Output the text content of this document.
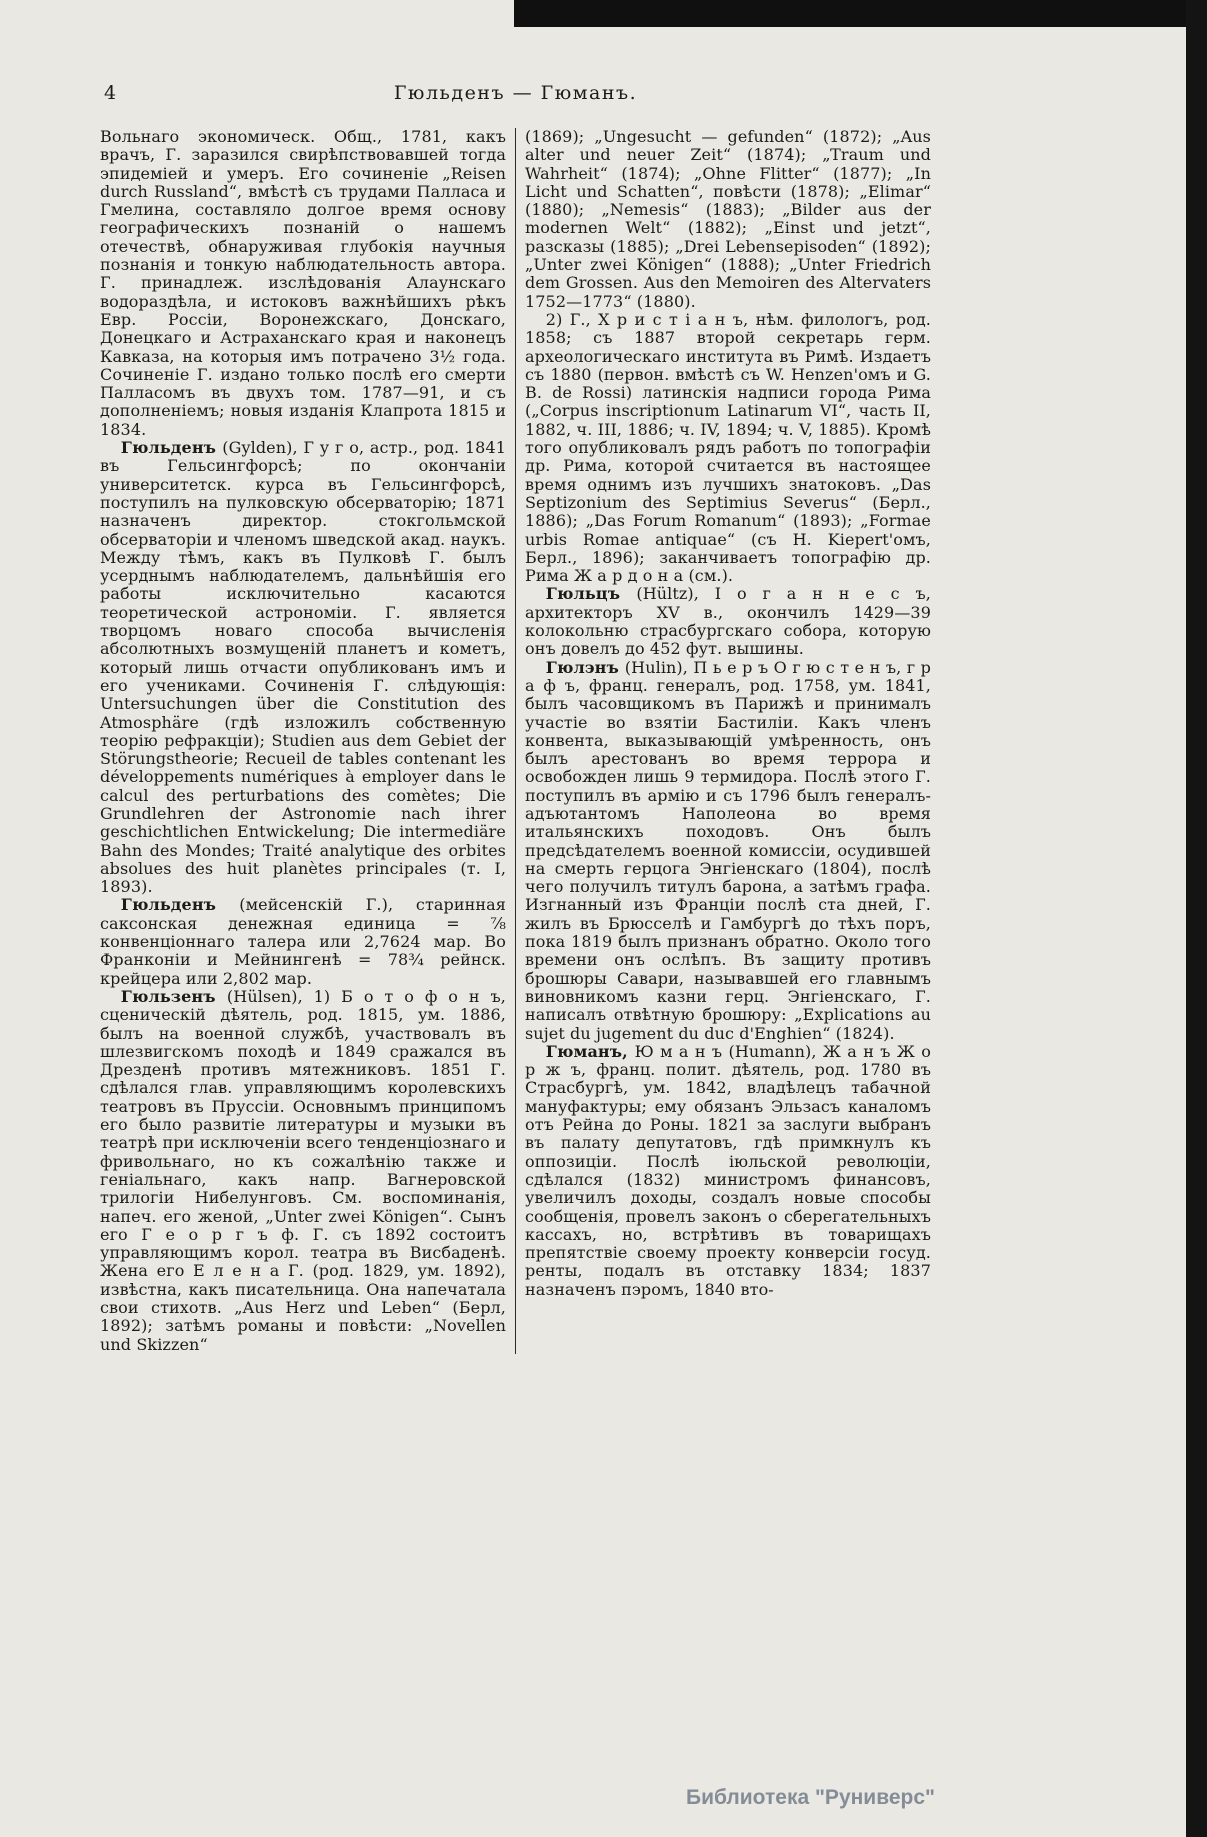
4	Гюльденъ — Гюманъ.

Вольнаго экономическ. Общ., 1781, какъ врачъ, Г. заразился свирѣпствовавшей тогда эпидеміей и умеръ. Его сочиненіе „Reisen durch Russland“, вмѣстѣ съ трудами Палласа и Гмелина, составляло долгое время основу географическихъ познаній о нашемъ отечествѣ, обнаруживая глубокія научныя познанія и тонкую наблюдательность автора. Г. принадлеж. изслѣдованія Алаунскаго водораздѣла, и истоковъ важнѣйшихъ рѣкъ Евр. Россіи, Воронежскаго, Донскаго, Донецкаго и Астраханскаго края и наконецъ Кавказа, на которыя имъ потрачено 3½ года. Сочиненіе Г. издано только послѣ его смерти Палласомъ въ двухъ том. 1787—91, и съ дополненіемъ; новыя изданія Клапрота 1815 и 1834.

Гюльденъ (Gylden), Г у г о, астр., род. 1841 въ Гельсингфорсѣ; по окончаніи университетск. курса въ Гельсингфорсѣ, поступилъ на пулковскую обсерваторію; 1871 назначенъ директор. стокгольмской обсерваторіи и членомъ шведской акад. наукъ. Между тѣмъ, какъ въ Пулковѣ Г. былъ усерднымъ наблюдателемъ, дальнѣйшія его работы исключительно касаются теоретической астрономіи. Г. является творцомъ новаго способа вычисленія абсолютныхъ возмущеній планетъ и кометъ, который лишь отчасти опубликованъ имъ и его учениками. Сочиненія Г. слѣдующія: Untersuchungen über die Constitution des Atmosphäre (гдѣ изложилъ собственную теорію рефракціи); Studien aus dem Gebiet der Störungstheorie; Recueil de tables contenant les développements numériques à employer dans le calcul des perturbations des comètes; Die Grundlehren der Astronomie nach ihrer geschichtlichen Entwickelung; Die intermediäre Bahn des Mondes; Traité analytique des orbites absolues des huit planètes principales (т. I, 1893).

Гюльденъ (мейсенскій Г.), старинная саксонская денежная единица = ⅞ конвенціоннаго талера или 2,7624 мар. Во Франконіи и Мейнингенѣ = 78¾ рейнск. крейцера или 2,802 мар.

Гюльзенъ (Hülsen), 1) Б о т о ф о н ъ, сценическій дѣятель, род. 1815, ум. 1886, былъ на военной службѣ, участвовалъ въ шлезвигскомъ походѣ и 1849 сражался въ Дрезденѣ противъ мятежниковъ. 1851 Г. сдѣлался глав. управляющимъ королевскихъ театровъ въ Пруссіи. Основнымъ принципомъ его было развитіе литературы и музыки въ театрѣ при исключеніи всего тенденціознаго и фривольнаго, но къ сожалѣнію также и геніальнаго, какъ напр. Вагнеровской трилогіи Нибелунговъ. См. воспоминанія, напеч. его женой, „Unter zwei Königen“. Сынъ его Г е о р г ъ ф. Г. съ 1892 состоитъ управляющимъ корол. театра въ Висбаденѣ. Жена его Е л е н а Г. (род. 1829, ум. 1892), извѣстна, какъ писательница. Она напечатала свои стихотв. „Aus Herz und Leben“ (Берл, 1892); затѣмъ романы и повѣсти: „Novellen und Skizzen“

(1869); „Ungesucht — gefunden“ (1872); „Aus alter und neuer Zeit“ (1874); „Traum und Wahrheit“ (1874); „Ohne Flitter“ (1877); „In Licht und Schatten“, повѣсти (1878); „Elimar“ (1880); „Nemesis“ (1883); „Bilder aus der modernen Welt“ (1882); „Einst und jetzt“, разсказы (1885); „Drei Lebensepisoden“ (1892); „Unter zwei Königen“ (1888); „Unter Friedrich dem Grossen. Aus den Memoiren des Altervaters 1752—1773“ (1880).

2) Г., Х р и с т і а н ъ, нѣм. филологъ, род. 1858; съ 1887 второй секретарь герм. археологическаго института въ Римѣ. Издаетъ съ 1880 (первон. вмѣстѣ съ W. Henzen'омъ и G. B. de Rossi) латинскія надписи города Рима („Corpus inscriptionum Latinarum VI“, часть II, 1882, ч. III, 1886; ч. IV, 1894; ч. V, 1885). Кромѣ того опубликовалъ рядъ работъ по топографіи др. Рима, которой считается въ настоящее время однимъ изъ лучшихъ знатоковъ. „Das Septizonium des Septimius Severus“ (Берл., 1886); „Das Forum Romanum“ (1893); „Formae urbis Romae antiquae“ (съ H. Kiepert'омъ, Берл., 1896); заканчиваетъ топографію др. Рима Ж а р д о н а (см.).

Гюльцъ (Hültz), І о г а н н е с ъ, архитекторъ XV в., окончилъ 1429—39 колокольню страсбургскаго собора, которую онъ довелъ до 452 фут. вышины.

Гюлэнъ (Hulin), П ь е р ъ О г ю с т е н ъ, г р а ф ъ, франц. генералъ, род. 1758, ум. 1841, былъ часовщикомъ въ Парижѣ и принималъ участіе во взятіи Бастиліи. Какъ членъ конвента, выказывающій умѣренность, онъ былъ арестованъ во время террора и освобожден лишь 9 термидора. Послѣ этого Г. поступилъ въ армію и съ 1796 былъ генералъ-адъютантомъ Наполеона во время итальянскихъ походовъ. Онъ былъ предсѣдателемъ военной комиссіи, осудившей на смерть герцога Энгіенскаго (1804), послѣ чего получилъ титулъ барона, а затѣмъ графа. Изгнанный изъ Франціи послѣ ста дней, Г. жилъ въ Брюсселѣ и Гамбургѣ до тѣхъ поръ, пока 1819 былъ признанъ обратно. Около того времени онъ ослѣпъ. Въ защиту противъ брошюры Савари, называвшей его главнымъ виновникомъ казни герц. Энгіенскаго, Г. написалъ отвѣтную брошюру: „Explications au sujet du jugement du duc d'Enghien“ (1824).

Гюманъ, Ю м а н ъ (Humann), Ж а н ъ Ж о р ж ъ, франц. полит. дѣятель, род. 1780 въ Страсбургѣ, ум. 1842, владѣлецъ табачной мануфактуры; ему обязанъ Эльзасъ каналомъ отъ Рейна до Роны. 1821 за заслуги выбранъ въ палату депутатовъ, гдѣ примкнулъ къ оппозиціи. Послѣ іюльской революціи, сдѣлался (1832) министромъ финансовъ, увеличилъ доходы, создалъ новые способы сообщенія, провелъ законъ о сберегательныхъ кассахъ, но, встрѣтивъ въ товарищахъ препятствіе своему проекту конверсіи госуд. ренты, подалъ въ отставку 1834; 1837 назначенъ пэромъ, 1840 вто-

Библиотека "Руниверс"
